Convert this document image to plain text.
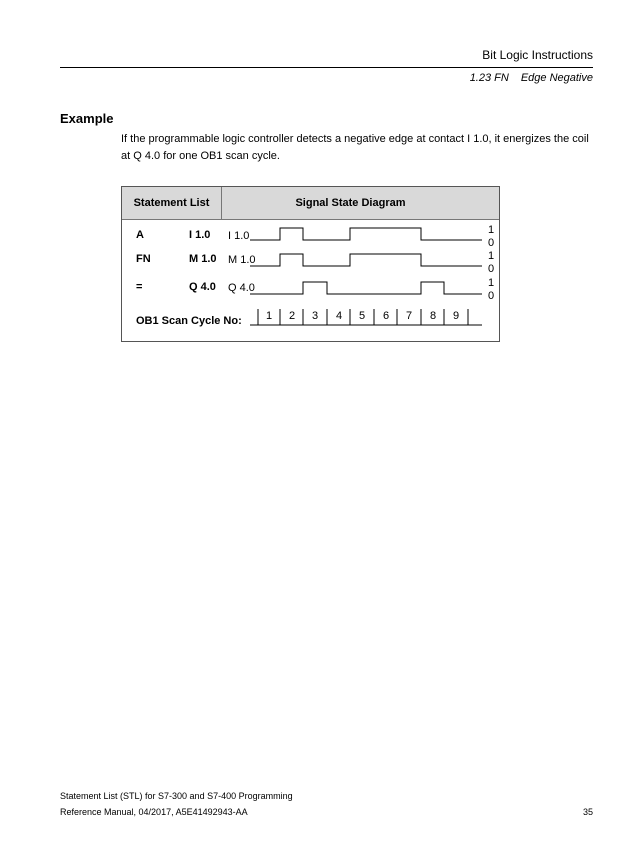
Bit Logic Instructions
1.23 FN Edge Negative
Example
If the programmable logic controller detects a negative edge at contact I 1.0, it energizes the coil at Q 4.0 for one OB1 scan cycle.
Statement List	Signal State Diagram
A	I 1.0 I 1.0	1
0
FN	M 1.0 M 1.0	1
0
=	Q 4.0 Q 4.0	1
0
OB1 Scan Cycle No:	1	2	3	4	5	6	7	8	9
Statement List (STL) for S7-300 and S7-400 Programming
Reference Manual, 04/2017, A5E41492943-AA	35
